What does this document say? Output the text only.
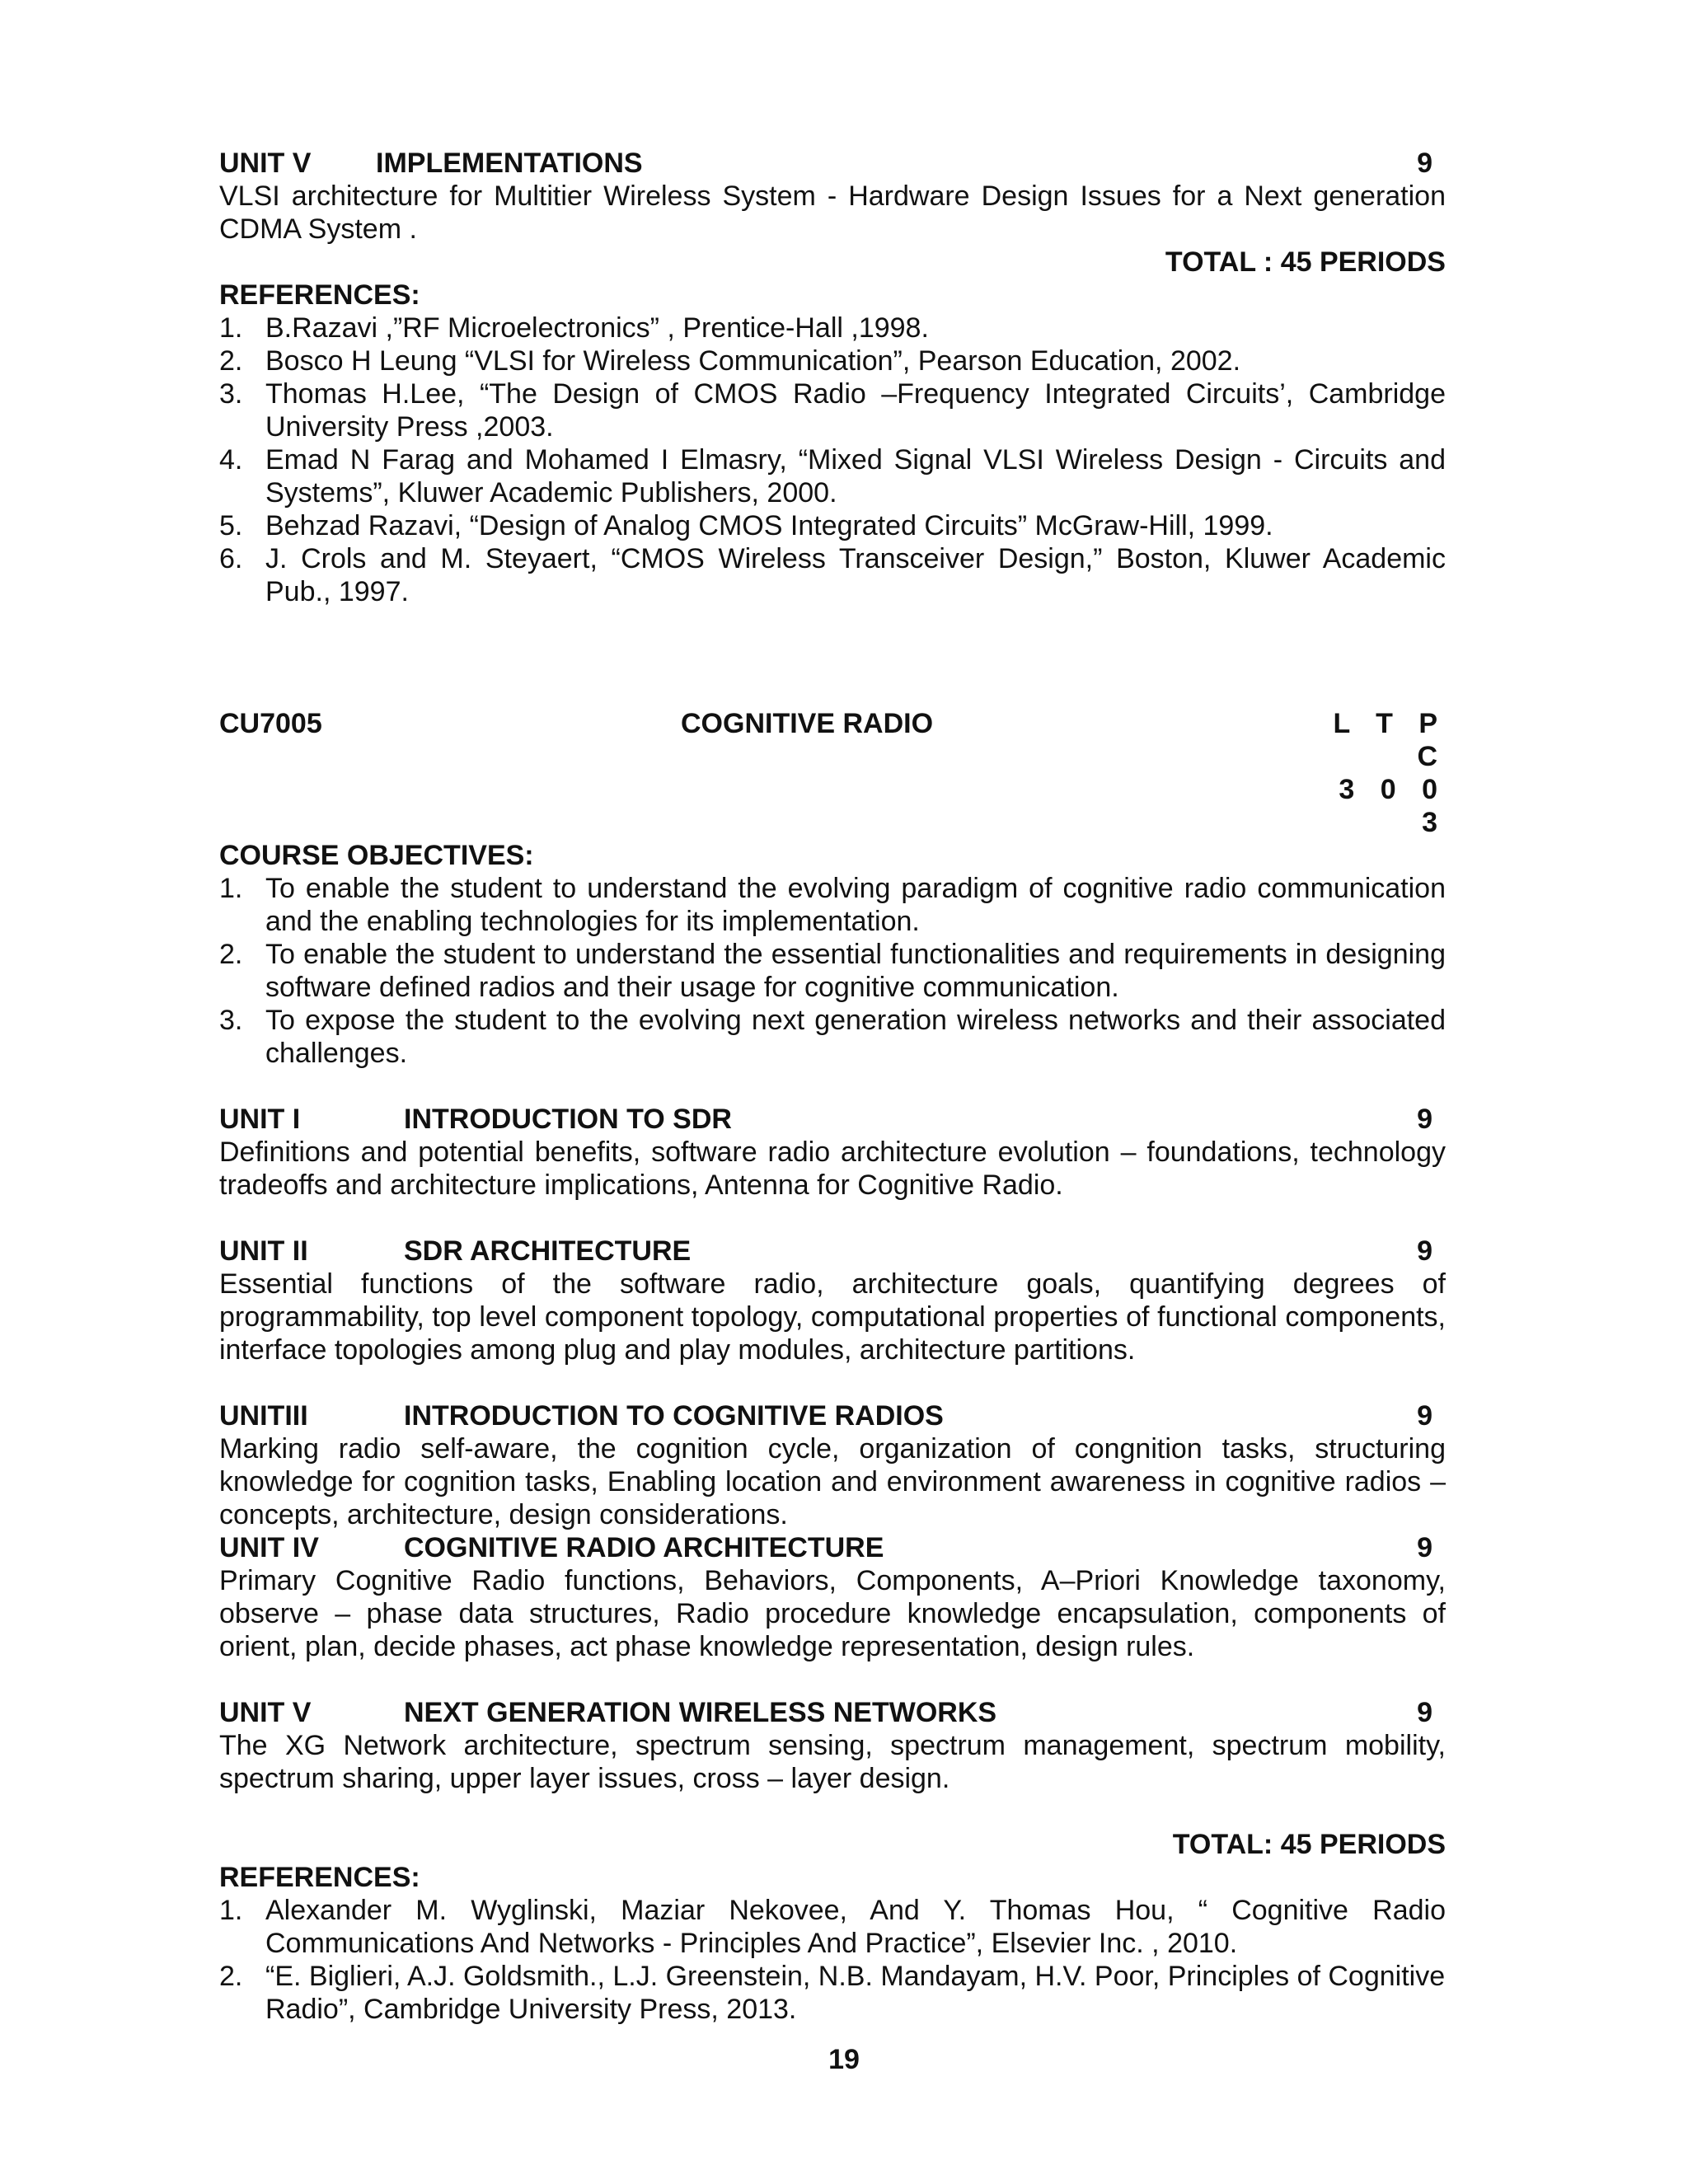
UNIT V	IMPLEMENTATIONS	9
VLSI architecture for Multitier Wireless System - Hardware Design Issues for a Next generation CDMA System .
TOTAL : 45 PERIODS
REFERENCES:
1. B.Razavi ,”RF Microelectronics” , Prentice-Hall ,1998.
2. Bosco H Leung “VLSI for Wireless Communication”, Pearson Education, 2002.
3. Thomas H.Lee, “The Design of CMOS Radio –Frequency Integrated Circuits’, Cambridge University Press ,2003.
4. Emad N Farag and Mohamed I Elmasry, “Mixed Signal VLSI Wireless Design - Circuits and Systems”, Kluwer Academic Publishers, 2000.
5. Behzad Razavi, “Design of Analog CMOS Integrated Circuits” McGraw-Hill, 1999.
6. J. Crols and M. Steyaert, “CMOS Wireless Transceiver Design,” Boston, Kluwer Academic Pub., 1997.
CU7005	COGNITIVE RADIO	L T P C
3 0 0 3
COURSE OBJECTIVES:
1. To enable the student to understand the evolving paradigm of cognitive radio communication and the enabling technologies for its implementation.
2. To enable the student to understand the essential functionalities and requirements in designing software defined radios and their usage for cognitive communication.
3. To expose the student to the evolving next generation wireless networks and their associated challenges.
UNIT I	INTRODUCTION TO SDR	9
Definitions and potential benefits, software radio architecture evolution – foundations, technology tradeoffs and architecture implications, Antenna for Cognitive Radio.
UNIT II	SDR ARCHITECTURE	9
Essential functions of the software radio, architecture goals, quantifying degrees of programmability, top level component topology, computational properties of functional components, interface topologies among plug and play modules, architecture partitions.
UNITIII	INTRODUCTION TO COGNITIVE RADIOS	9
Marking radio self-aware, the cognition cycle, organization of congnition tasks, structuring knowledge for cognition tasks, Enabling location and environment awareness in cognitive radios – concepts, architecture, design considerations.
UNIT IV	COGNITIVE RADIO ARCHITECTURE	9
Primary Cognitive Radio functions, Behaviors, Components, A–Priori Knowledge taxonomy, observe – phase data structures, Radio procedure knowledge encapsulation, components of orient, plan, decide phases, act phase knowledge representation, design rules.
UNIT V	NEXT GENERATION WIRELESS NETWORKS	9
The XG Network architecture, spectrum sensing, spectrum management, spectrum mobility, spectrum sharing, upper layer issues, cross – layer design.
TOTAL: 45 PERIODS
REFERENCES:
1. Alexander M. Wyglinski, Maziar Nekovee, And Y. Thomas Hou, “ Cognitive Radio Communications And Networks - Principles And Practice”, Elsevier Inc. , 2010.
2. “E. Biglieri, A.J. Goldsmith., L.J. Greenstein, N.B. Mandayam, H.V. Poor, Principles of Cognitive Radio”, Cambridge University Press, 2013.
19
